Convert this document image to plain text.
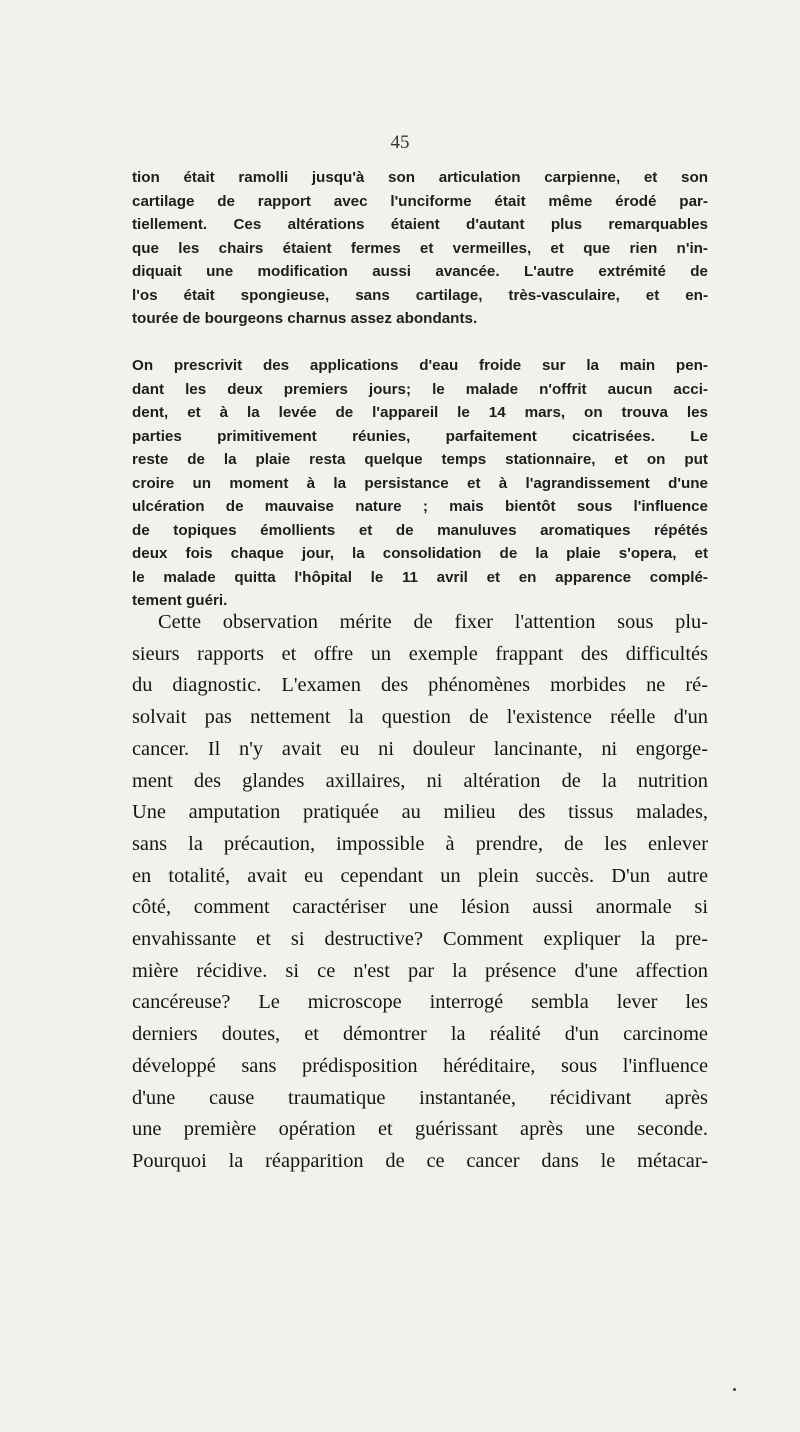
45

tion était ramolli jusqu'à son articulation carpienne, et son

cartilage de rapport avec l'unciforme était même érodé par-

tiellement. Ces altérations étaient d'autant plus remarquables

que les chairs étaient fermes et vermeilles, et que rien n'in-

diquait une modification aussi avancée. L'autre extrémité de

l'os était spongieuse, sans cartilage, très-vasculaire, et en-

tourée de bourgeons charnus assez abondants.

On prescrivit des applications d'eau froide sur la main pen-

dant les deux premiers jours; le malade n'offrit aucun acci-

dent, et à la levée de l'appareil le 14 mars, on trouva les

parties primitivement réunies, parfaitement cicatrisées. Le

reste de la plaie resta quelque temps stationnaire, et on put

croire un moment à la persistance et à l'agrandissement d'une

ulcération de mauvaise nature ; mais bientôt sous l'influence

de topiques émollients et de manuluves aromatiques répétés

deux fois chaque jour, la consolidation de la plaie s'opera, et

le malade quitta l'hôpital le 11 avril et en apparence complé-

tement guéri.

Cette observation mérite de fixer l'attention sous plu-

sieurs rapports et offre un exemple frappant des difficultés

du diagnostic. L'examen des phénomènes morbides ne ré-

solvait pas nettement la question de l'existence réelle d'un

cancer. Il n'y avait eu ni douleur lancinante, ni engorge-

ment des glandes axillaires, ni altération de la nutrition

Une amputation pratiquée au milieu des tissus malades,

sans la précaution, impossible à prendre, de les enlever

en totalité, avait eu cependant un plein succès. D'un autre

côté, comment caractériser une lésion aussi anormale si

envahissante et si destructive? Comment expliquer la pre-

mière récidive. si ce n'est par la présence d'une affection

cancéreuse? Le microscope interrogé sembla lever les

derniers doutes, et démontrer la réalité d'un carcinome

développé sans prédisposition héréditaire, sous l'influence

d'une cause traumatique instantanée, récidivant après

une première opération et guérissant après une seconde.

Pourquoi la réapparition de ce cancer dans le métacar-
